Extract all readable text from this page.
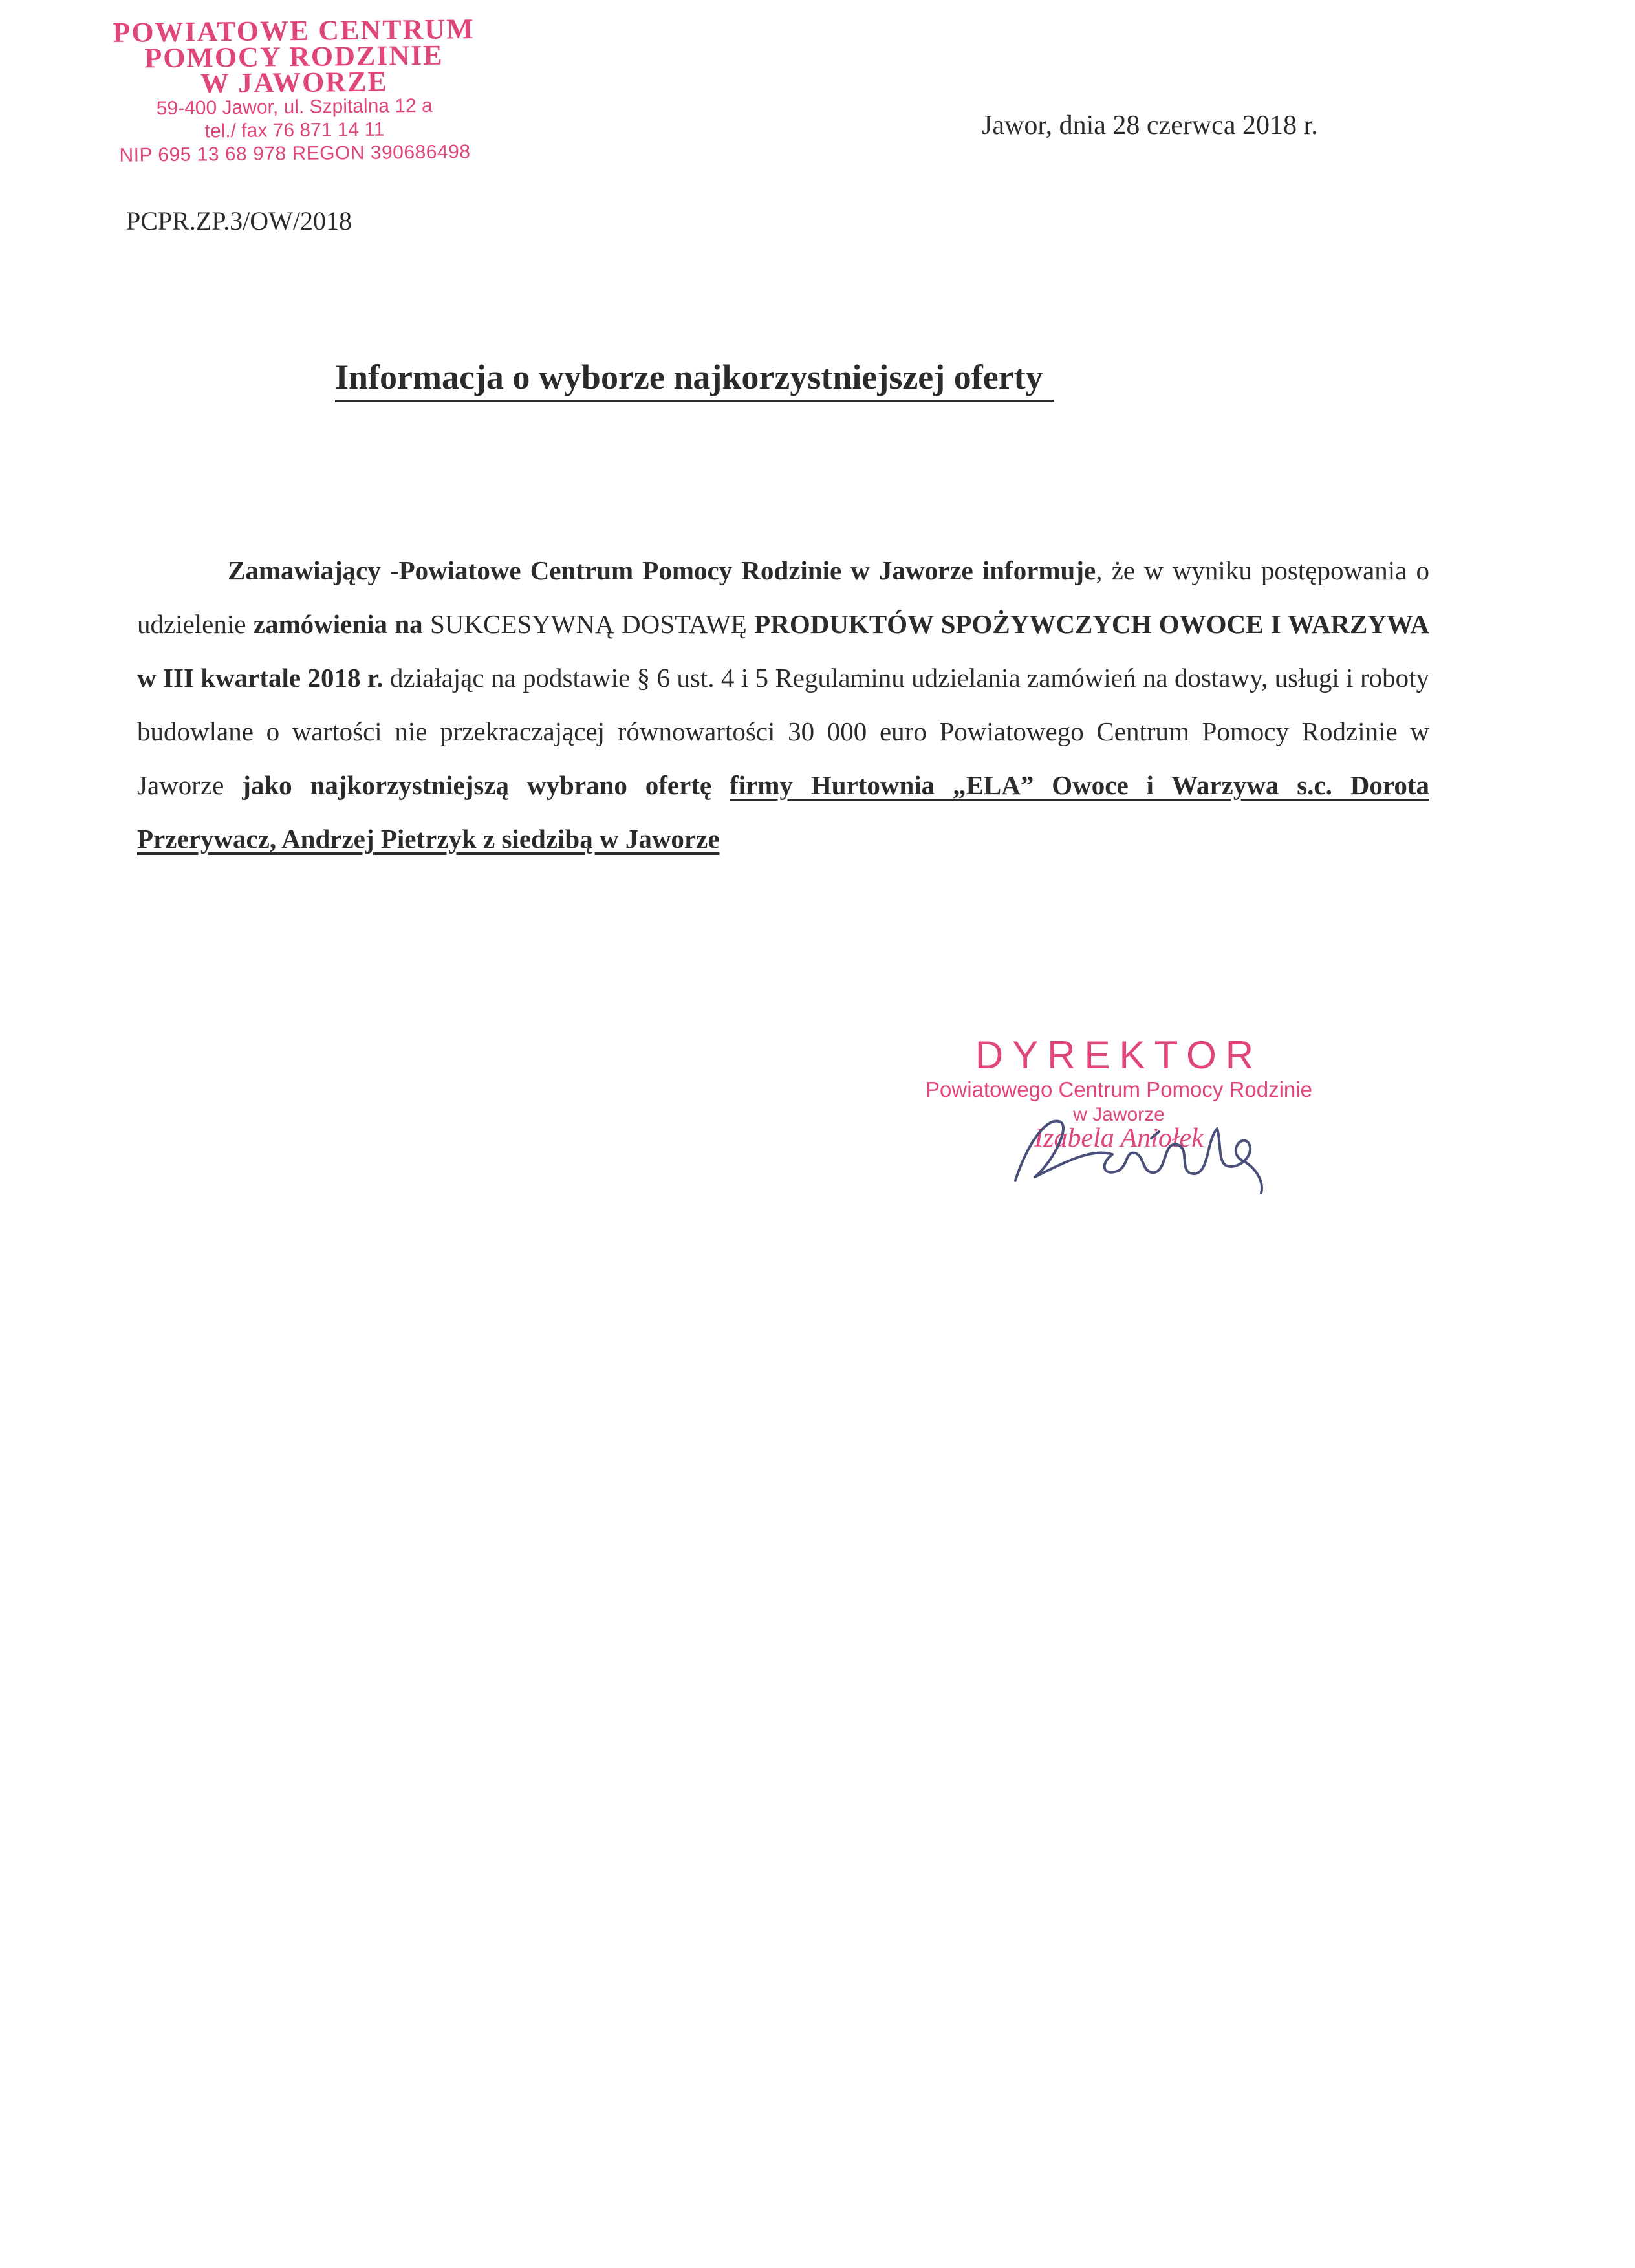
POWIATOWE CENTRUM
POMOCY RODZINIE
W JAWORZE
59-400 Jawor, ul. Szpitalna 12 a
tel./ fax 76 871 14 11
NIP 695 13 68 978 REGON 390686498
Jawor, dnia 28 czerwca 2018 r.
PCPR.ZP.3/OW/2018
Informacja o wyborze najkorzystniejszej oferty

Zamawiający -Powiatowe Centrum Pomocy Rodzinie w Jaworze informuje, że w wyniku postępowania o udzielenie zamówienia na SUKCESYWNĄ DOSTAWĘ PRODUKTÓW SPOŻYWCZYCH OWOCE I WARZYWA w III kwartale 2018 r. działając na podstawie § 6 ust. 4 i 5 Regulaminu udzielania zamówień na dostawy, usługi i roboty budowlane o wartości nie przekraczającej równowartości 30 000 euro Powiatowego Centrum Pomocy Rodzinie w Jaworze jako najkorzystniejszą wybrano ofertę firmy Hurtownia „ELA” Owoce i Warzywa s.c. Dorota Przerywacz, Andrzej Pietrzyk z siedzibą w Jaworze

DYREKTOR
Powiatowego Centrum Pomocy Rodzinie
w Jaworze
Izabela Aniołek
